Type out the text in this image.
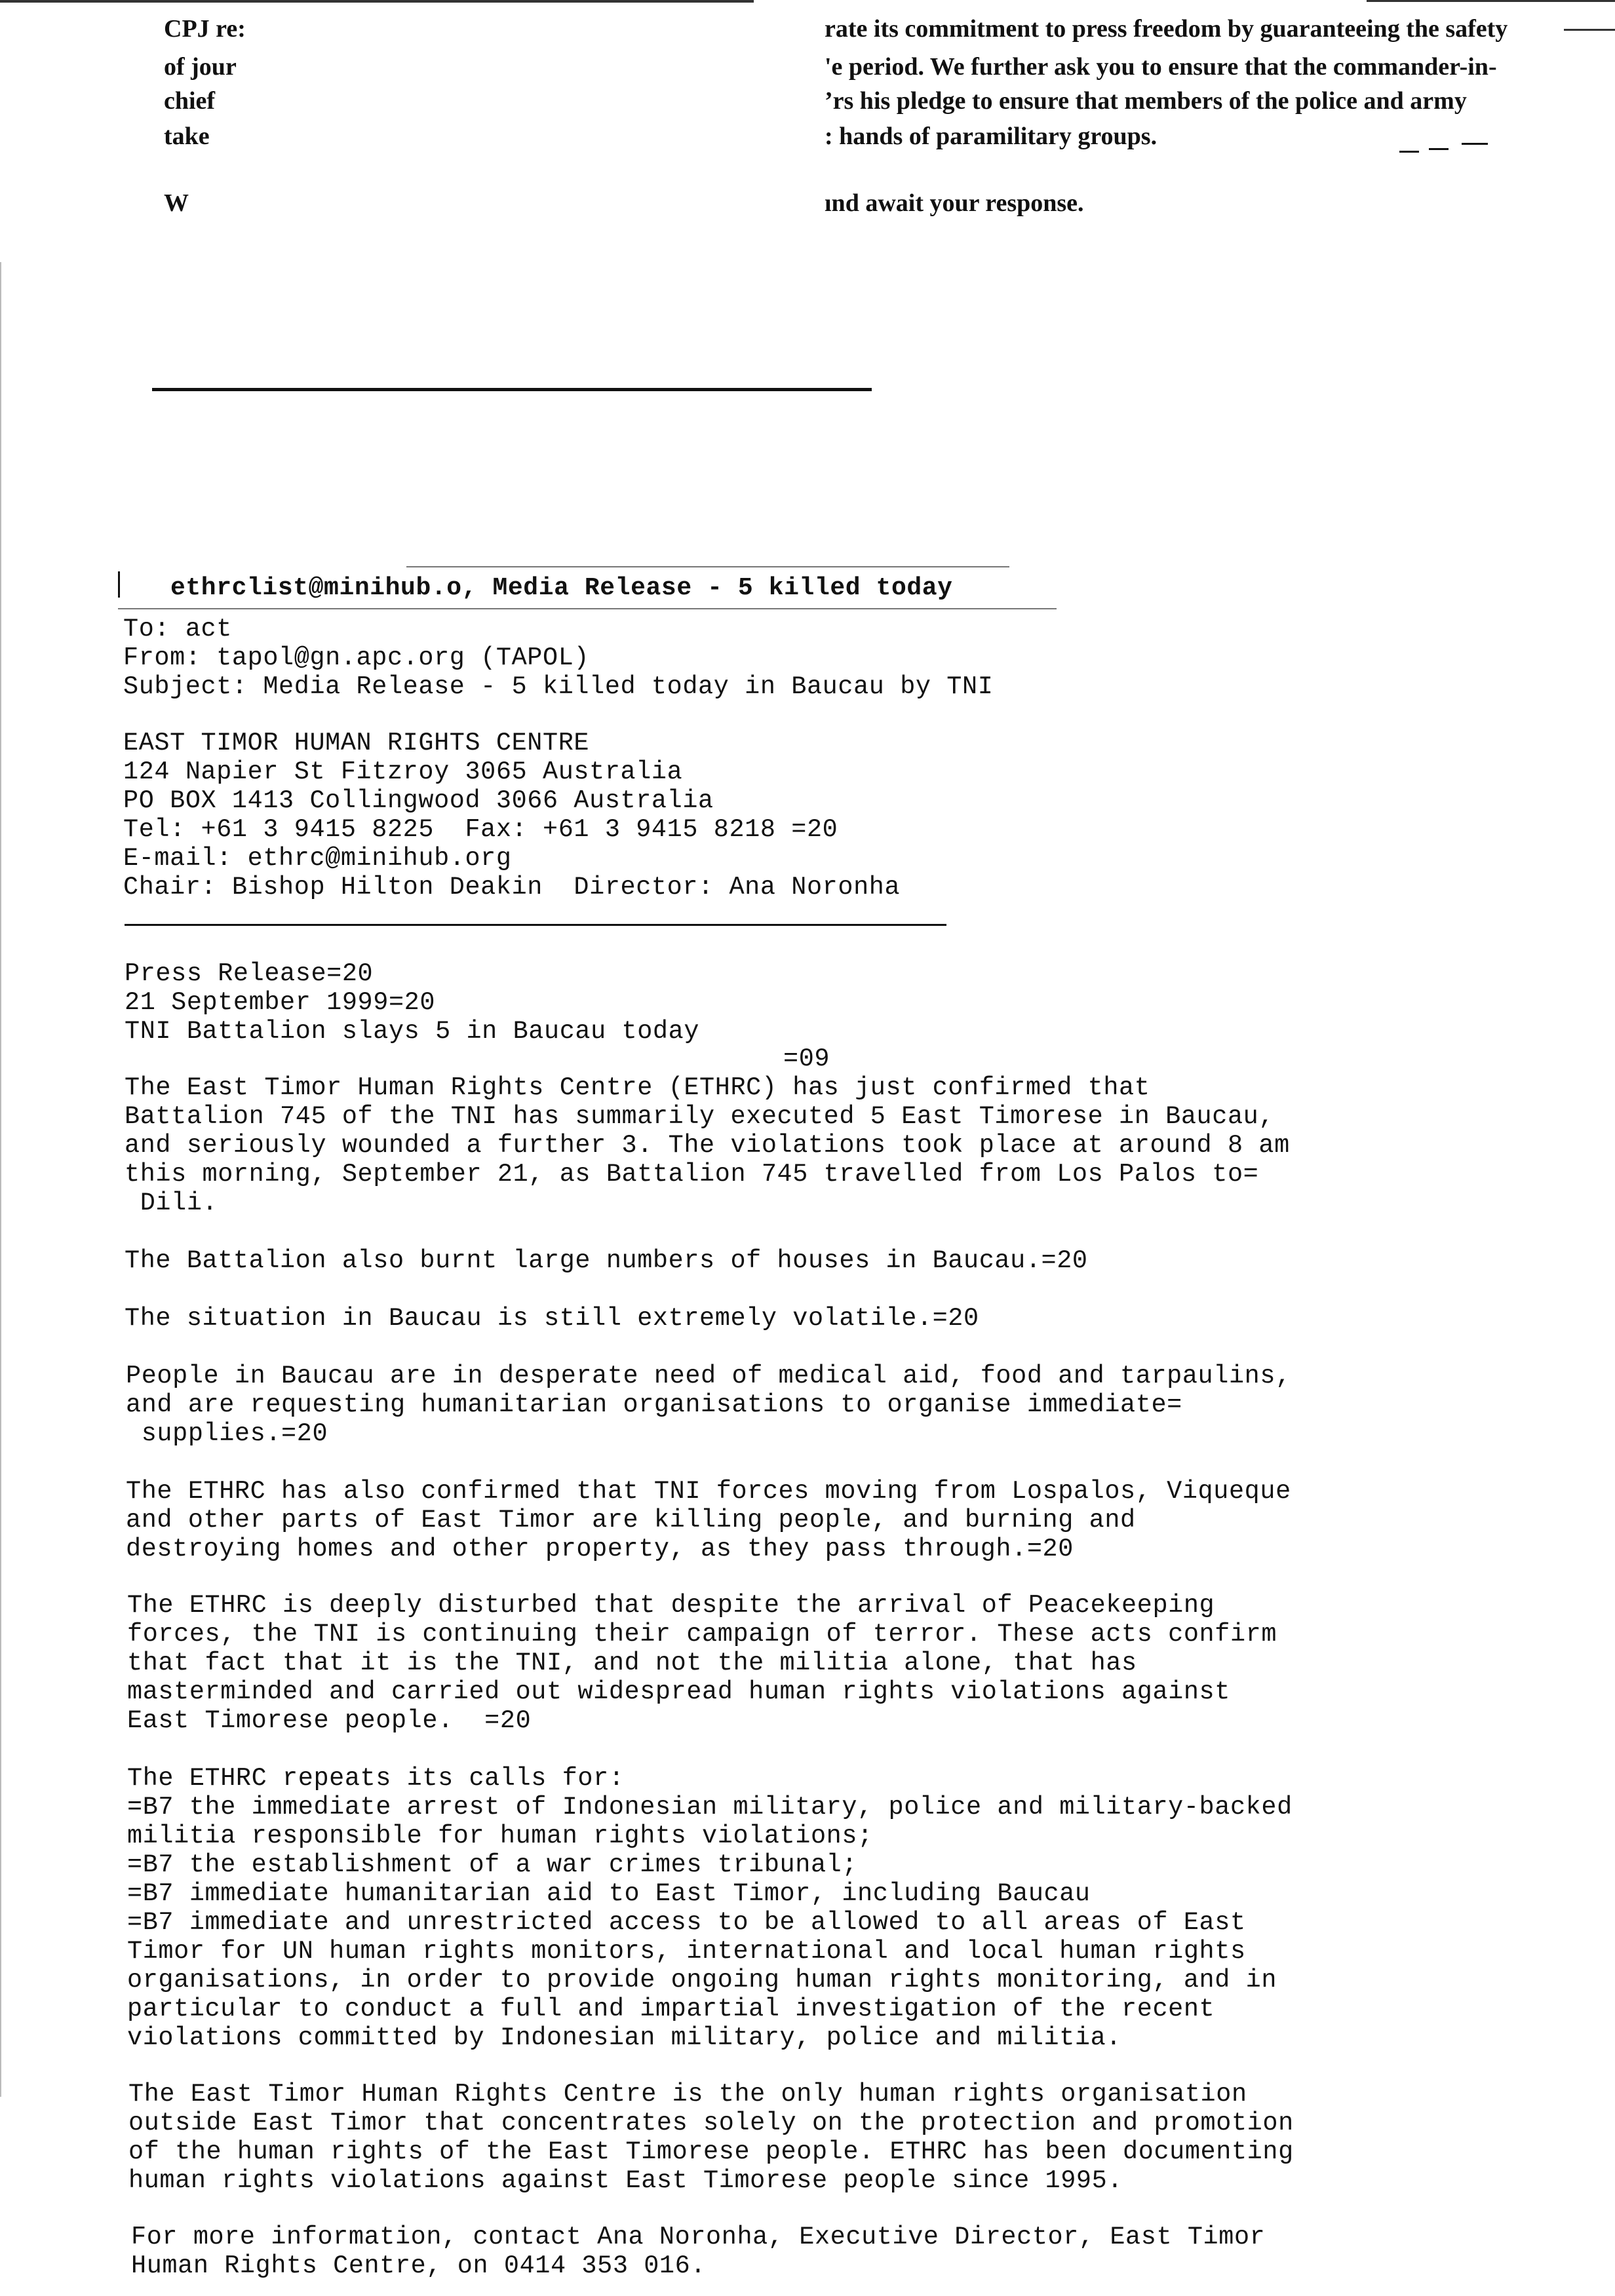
CPJ re:
of jour
chief
take
W
rate its commitment to press freedom by guaranteeing the safety
'e period. We further ask you to ensure that the commander-in-
’rs his pledge to ensure that members of the police and army
: hands of paramilitary groups.
ınd await your response.
ethrclist@minihub.o, Media Release - 5 killed today
To: act
From: tapol@gn.apc.org (TAPOL)
Subject: Media Release - 5 killed today in Baucau by TNI
EAST TIMOR HUMAN RIGHTS CENTRE
124 Napier St Fitzroy 3065 Australia
PO BOX 1413 Collingwood 3066 Australia
Tel: +61 3 9415 8225  Fax: +61 3 9415 8218 =20
E-mail: ethrc@minihub.org
Chair: Bishop Hilton Deakin  Director: Ana Noronha
Press Release=20
21 September 1999=20
TNI Battalion slays 5 in Baucau today
=09
The East Timor Human Rights Centre (ETHRC) has just confirmed that
Battalion 745 of the TNI has summarily executed 5 East Timorese in Baucau,
and seriously wounded a further 3. The violations took place at around 8 am
this morning, September 21, as Battalion 745 travelled from Los Palos to=
Dili.
The Battalion also burnt large numbers of houses in Baucau.=20
The situation in Baucau is still extremely volatile.=20
People in Baucau are in desperate need of medical aid, food and tarpaulins,
and are requesting humanitarian organisations to organise immediate=
supplies.=20
The ETHRC has also confirmed that TNI forces moving from Lospalos, Viqueque
and other parts of East Timor are killing people, and burning and
destroying homes and other property, as they pass through.=20
The ETHRC is deeply disturbed that despite the arrival of Peacekeeping
forces, the TNI is continuing their campaign of terror. These acts confirm
that fact that it is the TNI, and not the militia alone, that has
masterminded and carried out widespread human rights violations against
East Timorese people.  =20
The ETHRC repeats its calls for:
=B7 the immediate arrest of Indonesian military, police and military-backed
militia responsible for human rights violations;
=B7 the establishment of a war crimes tribunal;
=B7 immediate humanitarian aid to East Timor, including Baucau
=B7 immediate and unrestricted access to be allowed to all areas of East
Timor for UN human rights monitors, international and local human rights
organisations, in order to provide ongoing human rights monitoring, and in
particular to conduct a full and impartial investigation of the recent
violations committed by Indonesian military, police and militia.
The East Timor Human Rights Centre is the only human rights organisation
outside East Timor that concentrates solely on the protection and promotion
of the human rights of the East Timorese people. ETHRC has been documenting
human rights violations against East Timorese people since 1995.
For more information, contact Ana Noronha, Executive Director, East Timor
Human Rights Centre, on 0414 353 016.
